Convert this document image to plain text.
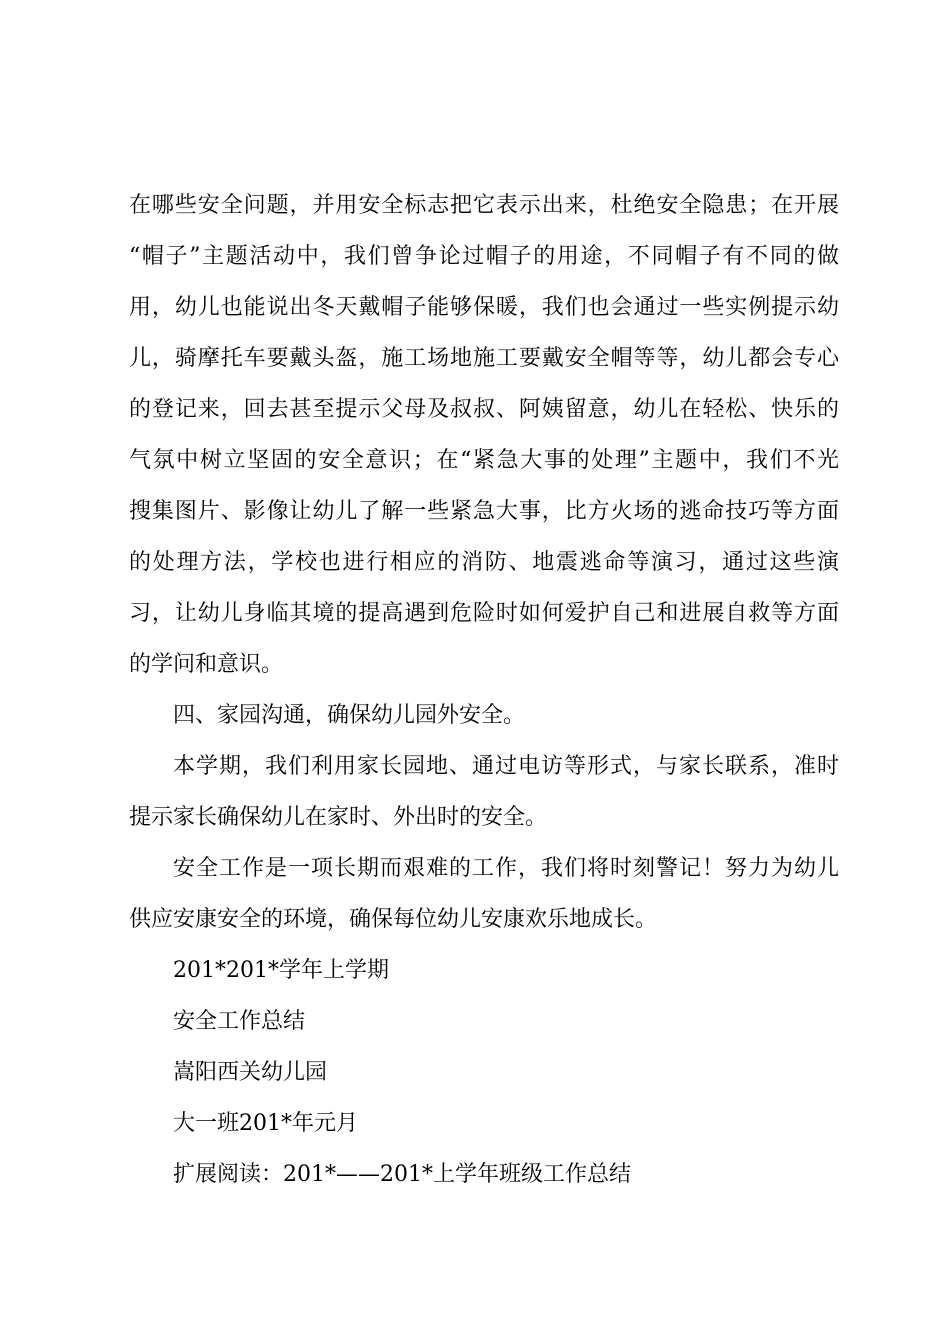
在哪些安全问题，并用安全标志把它表示出来，杜绝安全隐患；在开展
“帽子”主题活动中，我们曾争论过帽子的用途，不同帽子有不同的做
用，幼儿也能说出冬天戴帽子能够保暖，我们也会通过一些实例提示幼
儿，骑摩托车要戴头盔，施工场地施工要戴安全帽等等，幼儿都会专心
的登记来，回去甚至提示父母及叔叔、阿姨留意，幼儿在轻松、快乐的
气氛中树立坚固的安全意识；在“紧急大事的处理”主题中，我们不光
搜集图片、影像让幼儿了解一些紧急大事，比方火场的逃命技巧等方面
的处理方法，学校也进行相应的消防、地震逃命等演习，通过这些演
习，让幼儿身临其境的提高遇到危险时如何爱护自己和进展自救等方面
的学问和意识。
四、家园沟通，确保幼儿园外安全。
本学期，我们利用家长园地、通过电访等形式，与家长联系，准时
提示家长确保幼儿在家时、外出时的安全。
安全工作是一项长期而艰难的工作，我们将时刻警记！努力为幼儿
供应安康安全的环境，确保每位幼儿安康欢乐地成长。
201*201*学年上学期
安全工作总结
嵩阳西关幼儿园
大一班201*年元月
扩展阅读：201*——201*上学年班级工作总结
